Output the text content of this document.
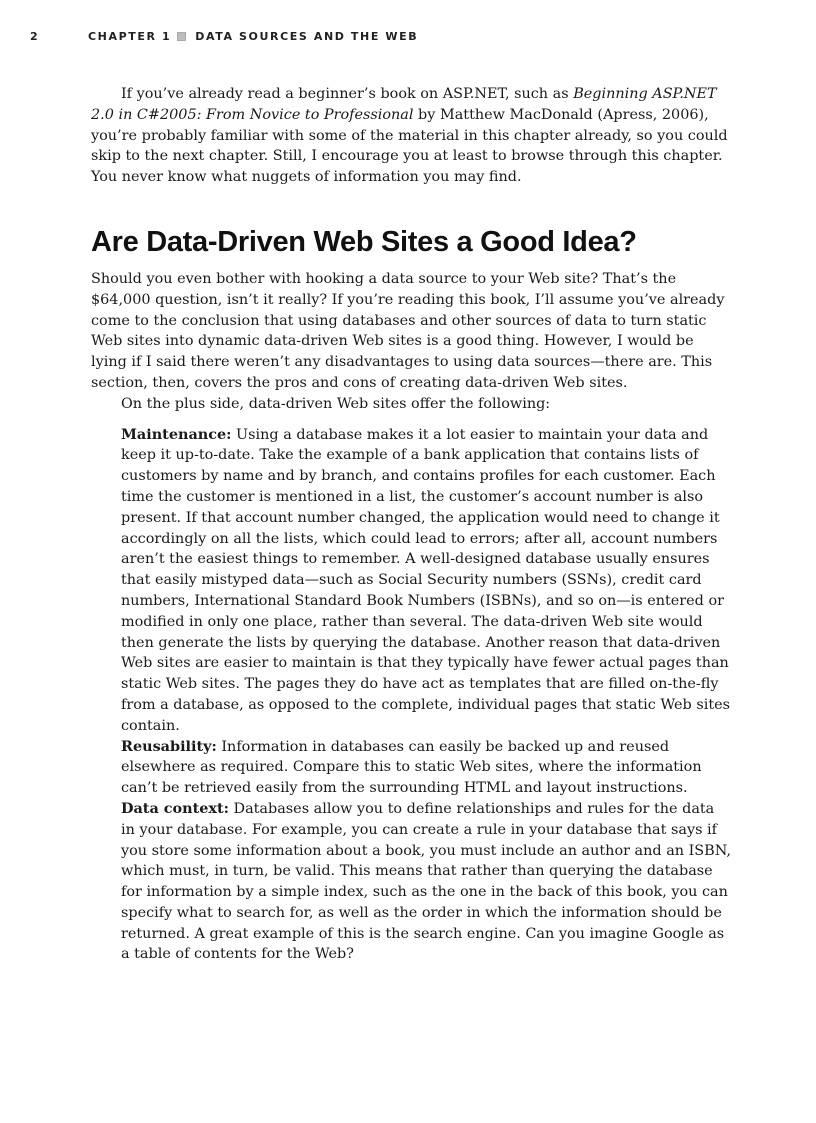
2	CHAPTER 1 DATA SOURCES AND THE WEB

If you’ve already read a beginner’s book on ASP.NET, such as Beginning ASP.NET 2.0 in C#2005: From Novice to Professional by Matthew MacDonald (Apress, 2006), you’re probably familiar with some of the material in this chapter already, so you could skip to the next chapter. Still, I encourage you at least to browse through this chapter. You never know what nuggets of information you may find.

Are Data-Driven Web Sites a Good Idea?

Should you even bother with hooking a data source to your Web site? That’s the $64,000 question, isn’t it really? If you’re reading this book, I’ll assume you’ve already come to the conclusion that using databases and other sources of data to turn static Web sites into dynamic data-driven Web sites is a good thing. However, I would be lying if I said there weren’t any disadvantages to using data sources—there are. This section, then, covers the pros and cons of creating data-driven Web sites.

On the plus side, data-driven Web sites offer the following:

Maintenance: Using a database makes it a lot easier to maintain your data and keep it up-to-date. Take the example of a bank application that contains lists of customers by name and by branch, and contains profiles for each customer. Each time the customer is mentioned in a list, the customer’s account number is also present. If that account number changed, the application would need to change it accordingly on all the lists, which could lead to errors; after all, account numbers aren’t the easiest things to remember. A well-designed database usually ensures that easily mistyped data—such as Social Security numbers (SSNs), credit card numbers, International Standard Book Numbers (ISBNs), and so on—is entered or modified in only one place, rather than several. The data-driven Web site would then generate the lists by querying the database. Another reason that data-driven Web sites are easier to maintain is that they typically have fewer actual pages than static Web sites. The pages they do have act as templates that are filled on-the-fly from a database, as opposed to the complete, individual pages that static Web sites contain.

Reusability: Information in databases can easily be backed up and reused elsewhere as required. Compare this to static Web sites, where the information can’t be retrieved easily from the surrounding HTML and layout instructions.

Data context: Databases allow you to define relationships and rules for the data in your database. For example, you can create a rule in your database that says if you store some information about a book, you must include an author and an ISBN, which must, in turn, be valid. This means that rather than querying the database for information by a simple index, such as the one in the back of this book, you can specify what to search for, as well as the order in which the information should be returned. A great example of this is the search engine. Can you imagine Google as a table of contents for the Web?
